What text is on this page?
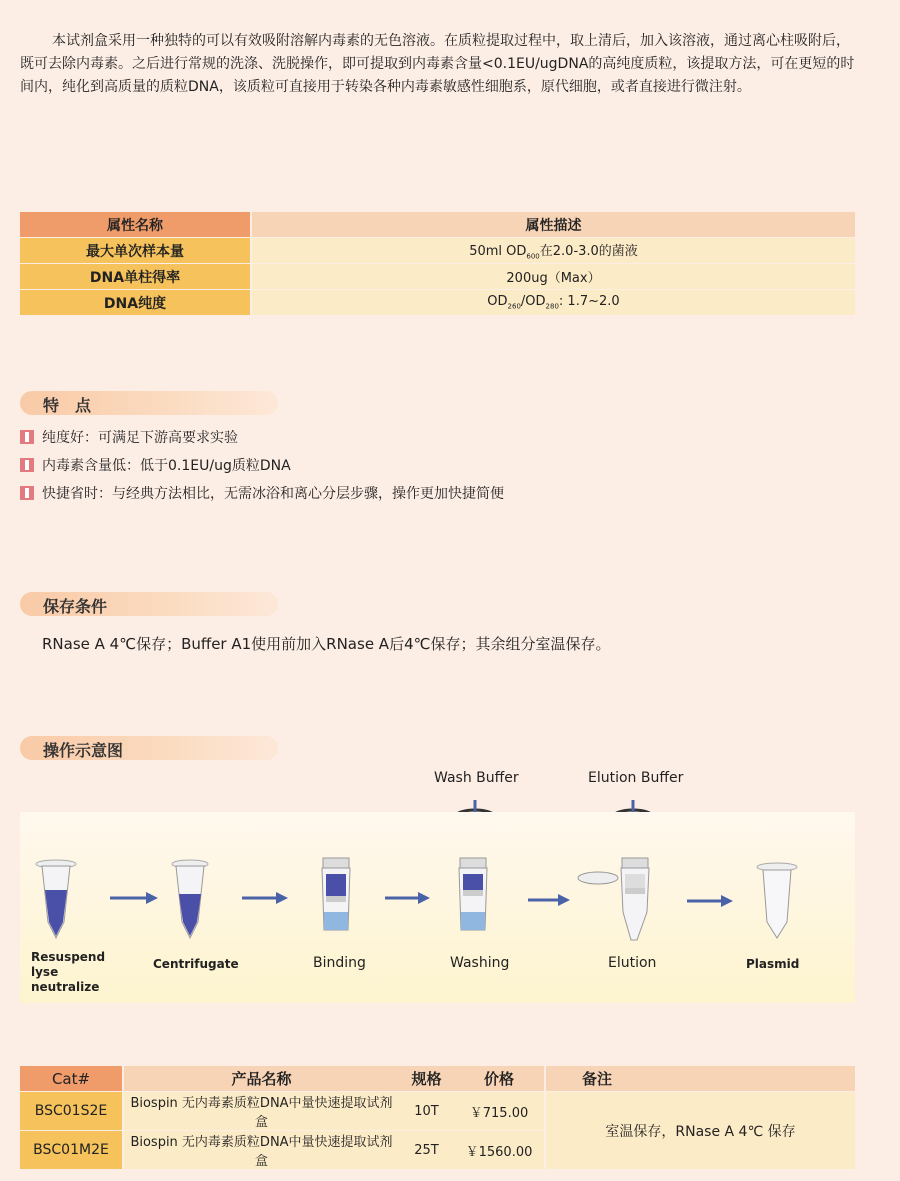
本试剂盒采用一种独特的可以有效吸附溶解内毒素的无色溶液。在质粒提取过程中，取上清后，加入该溶液，通过离心柱吸附后，既可去除内毒素。之后进行常规的洗涤、洗脱操作，即可提取到内毒素含量<0.1EU/ugDNA的高纯度质粒，该提取方法，可在更短的时间内，纯化到高质量的质粒DNA，该质粒可直接用于转染各种内毒素敏感性细胞系，原代细胞，或者直接进行微注射。
属性名称	属性描述
最大单次样本量	50ml $OD_{600}$在2.0-3.0的菌液
DNA单柱得率	200ug（Max）
DNA纯度	$OD_{260}/OD_{280}$: 1.7~2.0
特　点
纯度好：可满足下游高要求实验
内毒素含量低：低于0.1EU/ug质粒DNA
快捷省时：与经典方法相比，无需冰浴和离心分层步骤，操作更加快捷简便
保存条件
RNase A 4℃保存；Buffer A1使用前加入RNase A后4℃保存；其余组分室温保存。
操作示意图
Wash Buffer	Elution Buffer
Resuspend
lyse
neutralize
Centrifugate	Binding	Washing	Elution	Plasmid
Cat#	产品名称	规格	价格	备注
BSC01S2E	Biospin 无内毒素质粒DNA中量快速提取试剂盒	10T	￥715.00	室温保存，RNase A 4℃ 保存
BSC01M2E	Biospin 无内毒素质粒DNA中量快速提取试剂盒	25T	￥1560.00	
